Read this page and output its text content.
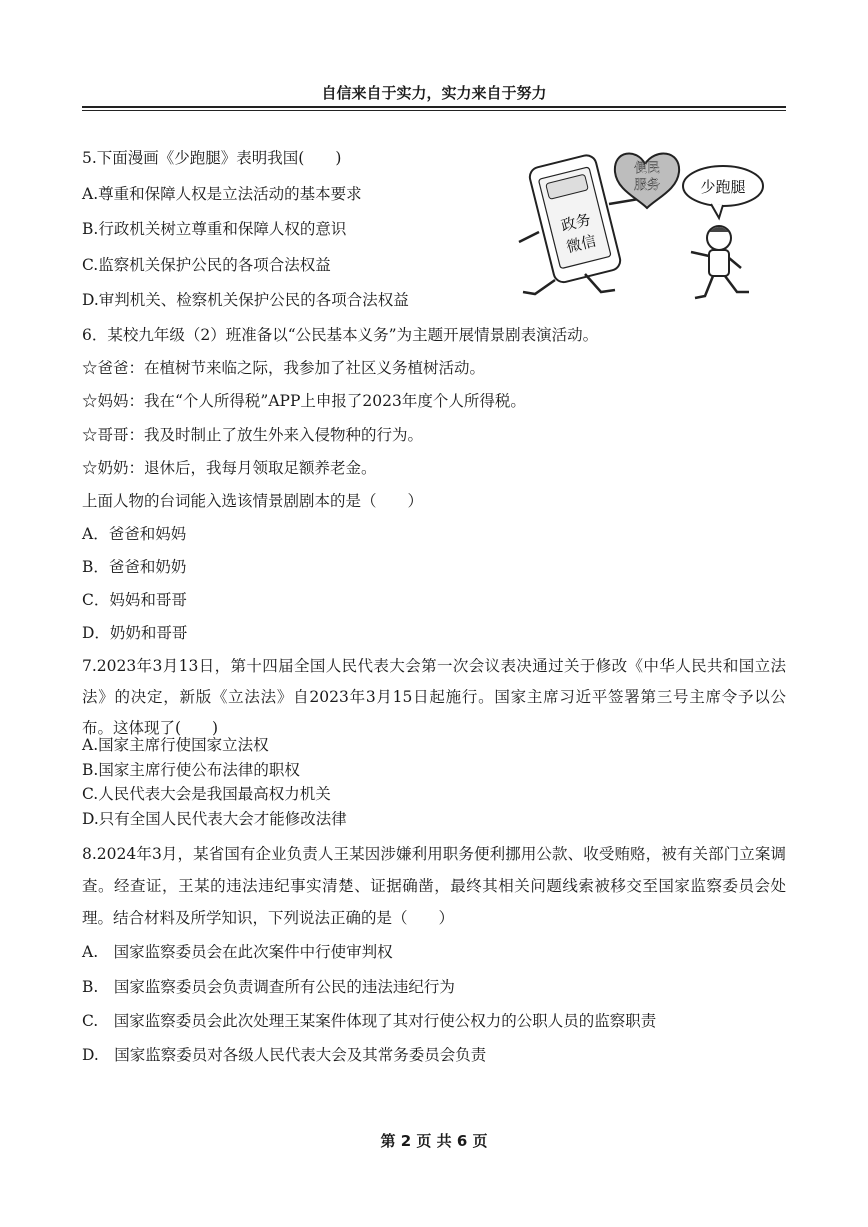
自信来自于实力，实力来自于努力
5.下面漫画《少跑腿》表明我国(　　)
A.尊重和保障人权是立法活动的基本要求
B.行政机关树立尊重和保障人权的意识
C.监察机关保护公民的各项合法权益
D.审判机关、检察机关保护公民的各项合法权益
政务
微信
便民
服务	少跑腿
6．某校九年级（2）班准备以“公民基本义务”为主题开展情景剧表演活动。
☆爸爸：在植树节来临之际，我参加了社区义务植树活动。
☆妈妈：我在“个人所得税”APP上申报了2023年度个人所得税。
☆哥哥：我及时制止了放生外来入侵物种的行为。
☆奶奶：退休后，我每月领取足额养老金。
上面人物的台词能入选该情景剧剧本的是（　　）
A．爸爸和妈妈
B．爸爸和奶奶
C．妈妈和哥哥
D．奶奶和哥哥
7.2023年3月13日，第十四届全国人民代表大会第一次会议表决通过关于修改《中华人民共和国立法法》的决定，新版《立法法》自2023年3月15日起施行。国家主席习近平签署第三号主席令予以公布。这体现了(　　)
A.国家主席行使国家立法权
B.国家主席行使公布法律的职权
C.人民代表大会是我国最高权力机关
D.只有全国人民代表大会才能修改法律
8.2024年3月，某省国有企业负责人王某因涉嫌利用职务便利挪用公款、收受贿赂，被有关部门立案调查。经查证，王某的违法违纪事实清楚、证据确凿，最终其相关问题线索被移交至国家监察委员会处理。结合材料及所学知识，下列说法正确的是（　　）
A.　国家监察委员会在此次案件中行使审判权
B.　国家监察委员会负责调查所有公民的违法违纪行为
C.　国家监察委员会此次处理王某案件体现了其对行使公权力的公职人员的监察职责
D.　国家监察委员对各级人民代表大会及其常务委员会负责
第 2 页 共 6 页
